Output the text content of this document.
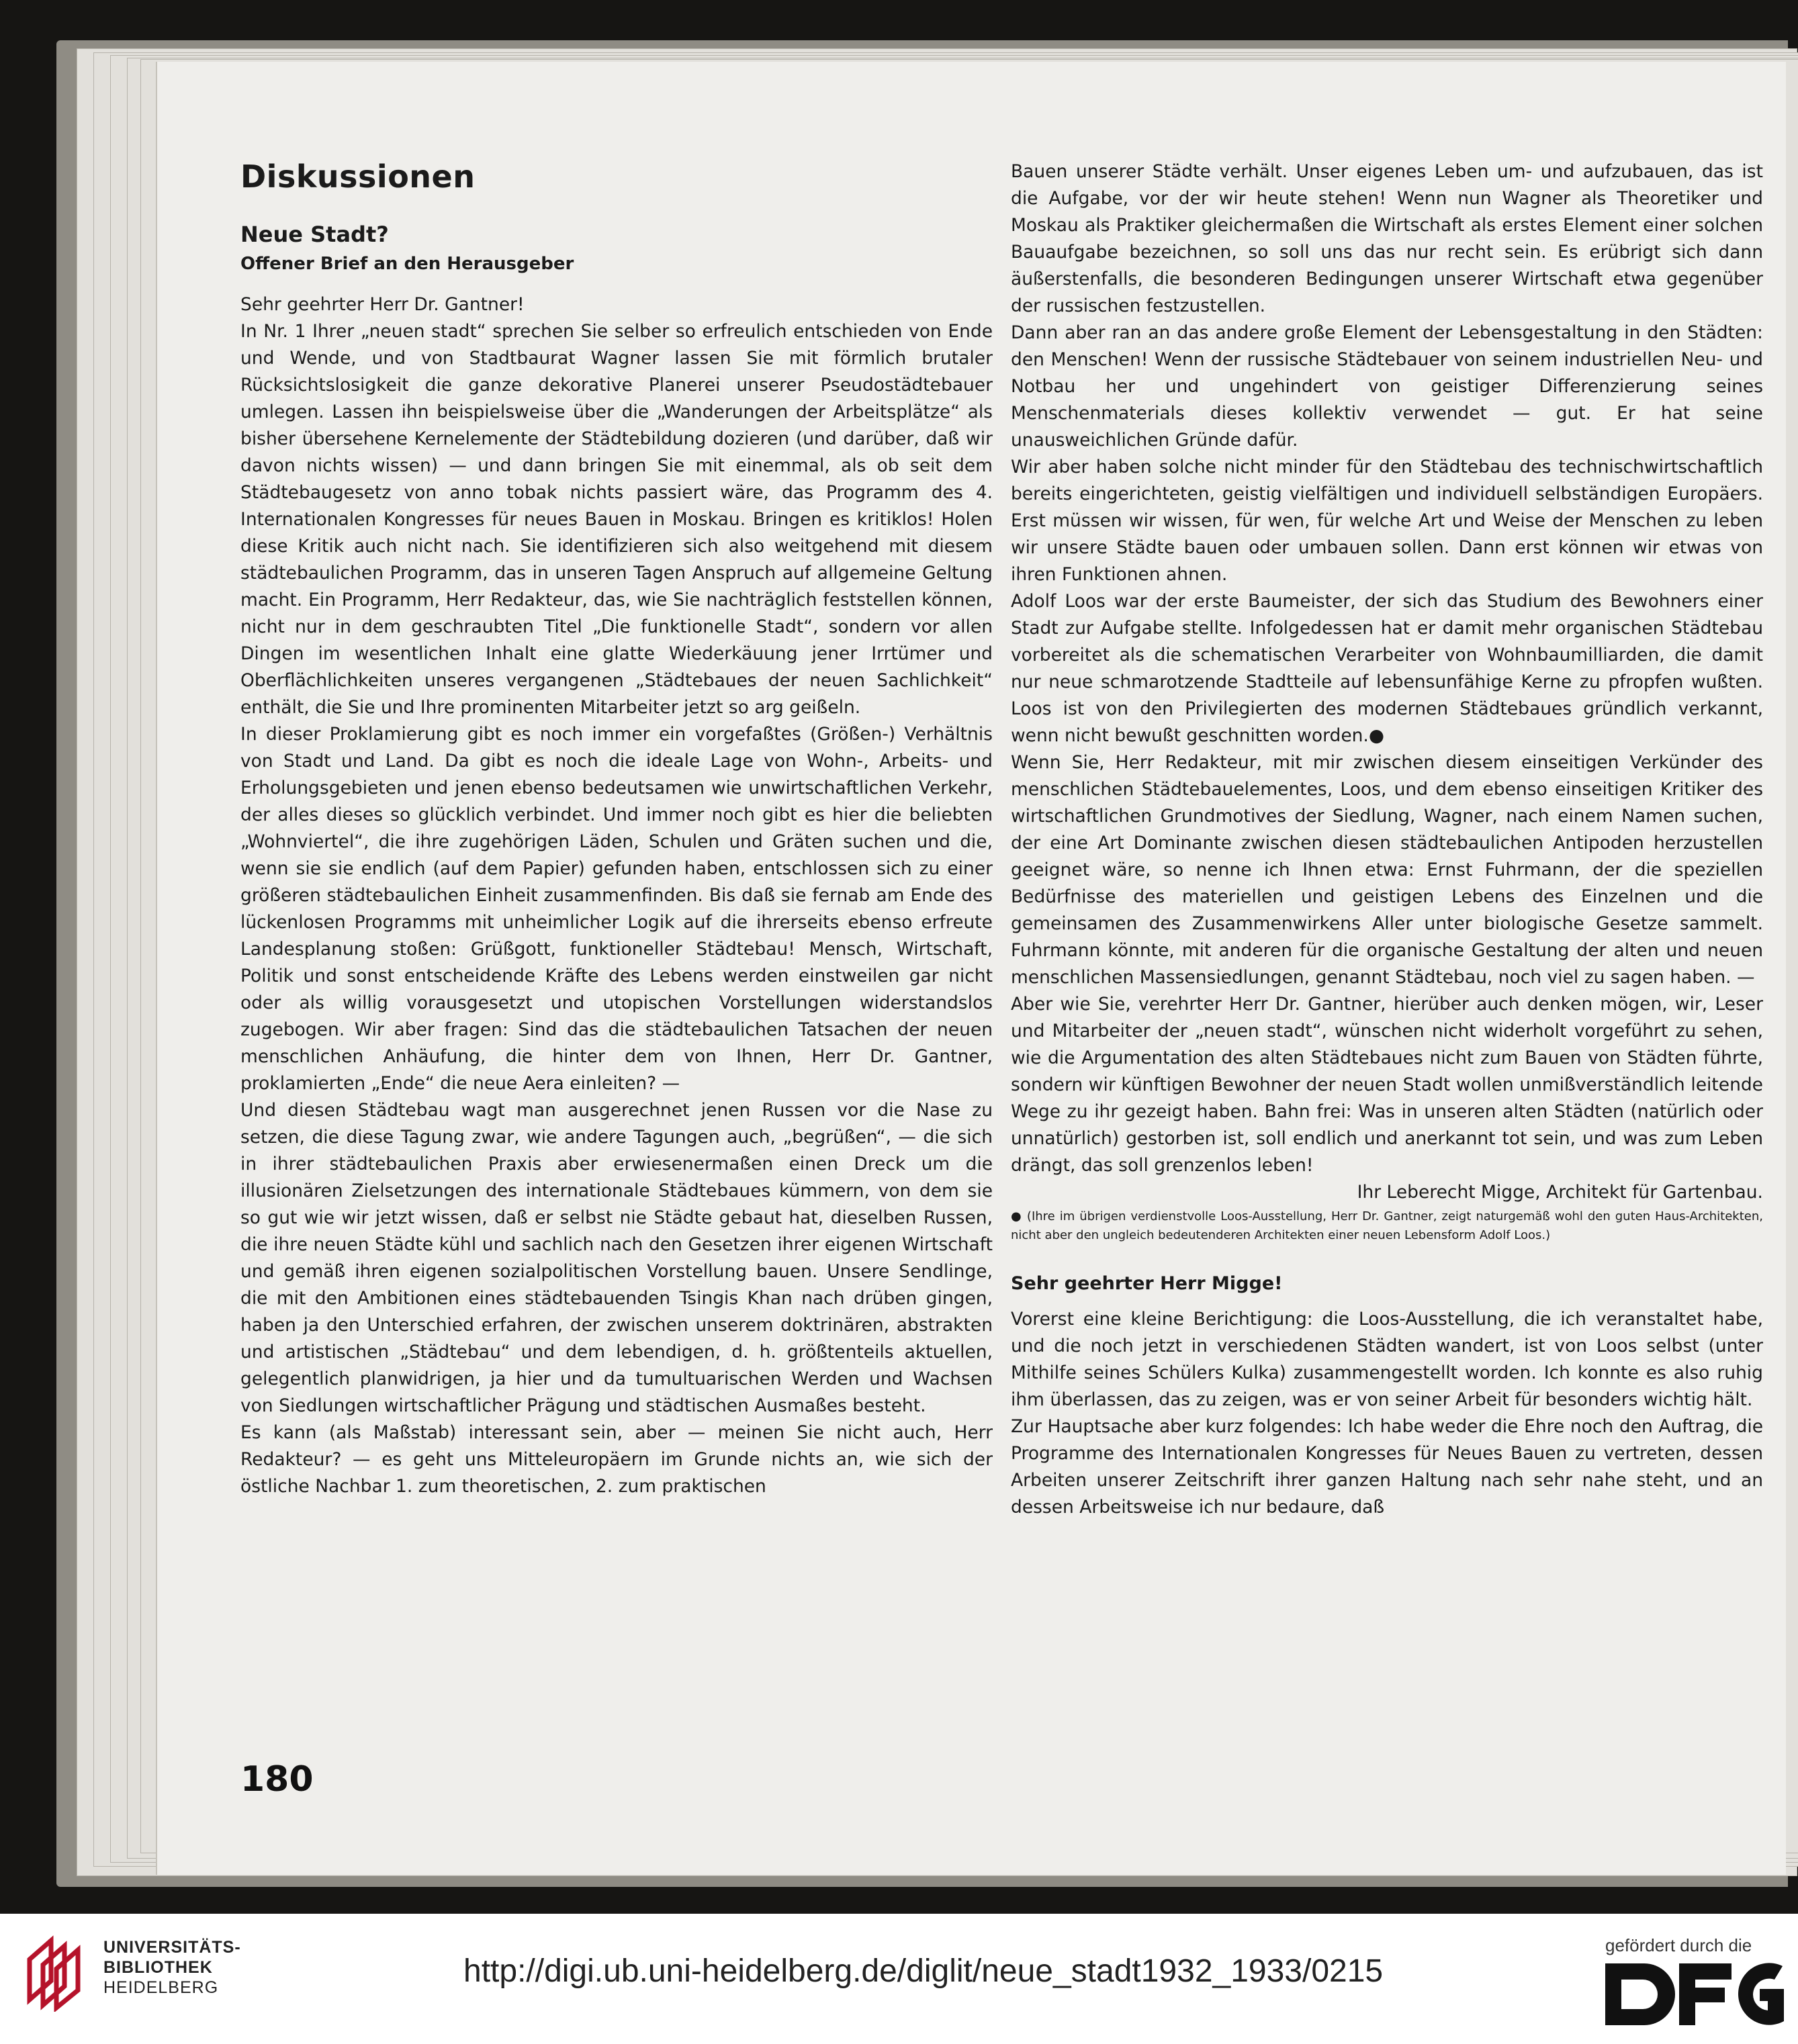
Diskussionen
Neue Stadt?
Offener Brief an den Herausgeber

Sehr geehrter Herr Dr. Gantner!

In Nr. 1 Ihrer „neuen stadt“ sprechen Sie selber so erfreulich entschieden von Ende und Wende, und von Stadtbaurat Wagner lassen Sie mit förmlich brutaler Rücksichtslosigkeit die ganze dekorative Planerei unserer Pseudostädtebauer umlegen. Lassen ihn beispielsweise über die „Wanderungen der Arbeitsplätze“ als bisher übersehene Kernelemente der Städtebildung dozieren (und darüber, daß wir davon nichts wissen) — und dann bringen Sie mit einemmal, als ob seit dem Städtebaugesetz von anno tobak nichts passiert wäre, das Programm des 4. Internationalen Kongresses für neues Bauen in Moskau. Bringen es kritiklos! Holen diese Kritik auch nicht nach. Sie identifizieren sich also weitgehend mit diesem städtebaulichen Programm, das in unseren Tagen Anspruch auf allgemeine Geltung macht. Ein Programm, Herr Redakteur, das, wie Sie nachträglich feststellen können, nicht nur in dem geschraubten Titel „Die funktionelle Stadt“, sondern vor allen Dingen im wesentlichen Inhalt eine glatte Wiederkäuung jener Irrtümer und Oberflächlichkeiten unseres vergangenen „Städtebaues der neuen Sachlichkeit“ enthält, die Sie und Ihre prominenten Mitarbeiter jetzt so arg geißeln.

In dieser Proklamierung gibt es noch immer ein vorgefaßtes (Größen-) Verhältnis von Stadt und Land. Da gibt es noch die ideale Lage von Wohn-, Arbeits- und Erholungsgebieten und jenen ebenso bedeutsamen wie unwirtschaftlichen Verkehr, der alles dieses so glücklich verbindet. Und immer noch gibt es hier die beliebten „Wohnviertel“, die ihre zugehörigen Läden, Schulen und Gräten suchen und die, wenn sie sie endlich (auf dem Papier) gefunden haben, entschlossen sich zu einer größeren städtebaulichen Einheit zusammenfinden. Bis daß sie fernab am Ende des lückenlosen Programms mit unheimlicher Logik auf die ihrerseits ebenso erfreute Landesplanung stoßen: Grüßgott, funktioneller Städtebau! Mensch, Wirtschaft, Politik und sonst entscheidende Kräfte des Lebens werden einstweilen gar nicht oder als willig vorausgesetzt und utopischen Vorstellungen widerstandslos zugebogen. Wir aber fragen: Sind das die städtebaulichen Tatsachen der neuen menschlichen Anhäufung, die hinter dem von Ihnen, Herr Dr. Gantner, proklamierten „Ende“ die neue Aera einleiten? —

Und diesen Städtebau wagt man ausgerechnet jenen Russen vor die Nase zu setzen, die diese Tagung zwar, wie andere Tagungen auch, „begrüßen“, — die sich in ihrer städtebaulichen Praxis aber erwiesenermaßen einen Dreck um die illusionären Zielsetzungen des internationale Städtebaues kümmern, von dem sie so gut wie wir jetzt wissen, daß er selbst nie Städte gebaut hat, dieselben Russen, die ihre neuen Städte kühl und sachlich nach den Gesetzen ihrer eigenen Wirtschaft und gemäß ihren eigenen sozialpolitischen Vorstellung bauen. Unsere Sendlinge, die mit den Ambitionen eines städtebauenden Tsingis Khan nach drüben gingen, haben ja den Unterschied erfahren, der zwischen unserem doktrinären, abstrakten und artistischen „Städtebau“ und dem lebendigen, d. h. größtenteils aktuellen, gelegentlich planwidrigen, ja hier und da tumultuarischen Werden und Wachsen von Siedlungen wirtschaftlicher Prägung und städtischen Ausmaßes besteht.

Es kann (als Maßstab) interessant sein, aber — meinen Sie nicht auch, Herr Redakteur? — es geht uns Mitteleuropäern im Grunde nichts an, wie sich der östliche Nachbar 1. zum theoretischen, 2. zum praktischen

Bauen unserer Städte verhält. Unser eigenes Leben um- und aufzubauen, das ist die Aufgabe, vor der wir heute stehen! Wenn nun Wagner als Theoretiker und Moskau als Praktiker gleichermaßen die Wirtschaft als erstes Element einer solchen Bauaufgabe bezeichnen, so soll uns das nur recht sein. Es erübrigt sich dann äußerstenfalls, die besonderen Bedingungen unserer Wirtschaft etwa gegenüber der russischen festzustellen.

Dann aber ran an das andere große Element der Lebensgestaltung in den Städten: den Menschen! Wenn der russische Städtebauer von seinem industriellen Neu- und Notbau her und ungehindert von geistiger Differenzierung seines Menschenmaterials dieses kollektiv verwendet — gut. Er hat seine unausweichlichen Gründe dafür.

Wir aber haben solche nicht minder für den Städtebau des technischwirtschaftlich bereits eingerichteten, geistig vielfältigen und individuell selbständigen Europäers. Erst müssen wir wissen, für wen, für welche Art und Weise der Menschen zu leben wir unsere Städte bauen oder umbauen sollen. Dann erst können wir etwas von ihren Funktionen ahnen.

Adolf Loos war der erste Baumeister, der sich das Studium des Bewohners einer Stadt zur Aufgabe stellte. Infolgedessen hat er damit mehr organischen Städtebau vorbereitet als die schematischen Verarbeiter von Wohnbaumilliarden, die damit nur neue schmarotzende Stadtteile auf lebensunfähige Kerne zu pfropfen wußten. Loos ist von den Privilegierten des modernen Städtebaues gründlich verkannt, wenn nicht bewußt geschnitten worden.●

Wenn Sie, Herr Redakteur, mit mir zwischen diesem einseitigen Verkünder des menschlichen Städtebauelementes, Loos, und dem ebenso einseitigen Kritiker des wirtschaftlichen Grundmotives der Siedlung, Wagner, nach einem Namen suchen, der eine Art Dominante zwischen diesen städtebaulichen Antipoden herzustellen geeignet wäre, so nenne ich Ihnen etwa: Ernst Fuhrmann, der die speziellen Bedürfnisse des materiellen und geistigen Lebens des Einzelnen und die gemeinsamen des Zusammenwirkens Aller unter biologische Gesetze sammelt. Fuhrmann könnte, mit anderen für die organische Gestaltung der alten und neuen menschlichen Massensiedlungen, genannt Städtebau, noch viel zu sagen haben. —

Aber wie Sie, verehrter Herr Dr. Gantner, hierüber auch denken mögen, wir, Leser und Mitarbeiter der „neuen stadt“, wünschen nicht widerholt vorgeführt zu sehen, wie die Argumentation des alten Städtebaues nicht zum Bauen von Städten führte, sondern wir künftigen Bewohner der neuen Stadt wollen unmißverständlich leitende Wege zu ihr gezeigt haben. Bahn frei: Was in unseren alten Städten (natürlich oder unnatürlich) gestorben ist, soll endlich und anerkannt tot sein, und was zum Leben drängt, das soll grenzenlos leben!

Ihr Leberecht Migge, Architekt für Gartenbau.

● (Ihre im übrigen verdienstvolle Loos-Ausstellung, Herr Dr. Gantner, zeigt naturgemäß wohl den guten Haus-Architekten, nicht aber den ungleich bedeutenderen Architekten einer neuen Lebensform Adolf Loos.)

Sehr geehrter Herr Migge!

Vorerst eine kleine Berichtigung: die Loos-Ausstellung, die ich veranstaltet habe, und die noch jetzt in verschiedenen Städten wandert, ist von Loos selbst (unter Mithilfe seines Schülers Kulka) zusammengestellt worden. Ich konnte es also ruhig ihm überlassen, das zu zeigen, was er von seiner Arbeit für besonders wichtig hält.

Zur Hauptsache aber kurz folgendes: Ich habe weder die Ehre noch den Auftrag, die Programme des Internationalen Kongresses für Neues Bauen zu vertreten, dessen Arbeiten unserer Zeitschrift ihrer ganzen Haltung nach sehr nahe steht, und an dessen Arbeitsweise ich nur bedaure, daß

180
UNIVERSITÄTS-
BIBLIOTHEK
HEIDELBERG	http://digi.ub.uni-heidelberg.de/diglit/neue_stadt1932_1933/0215
gefördert durch die
